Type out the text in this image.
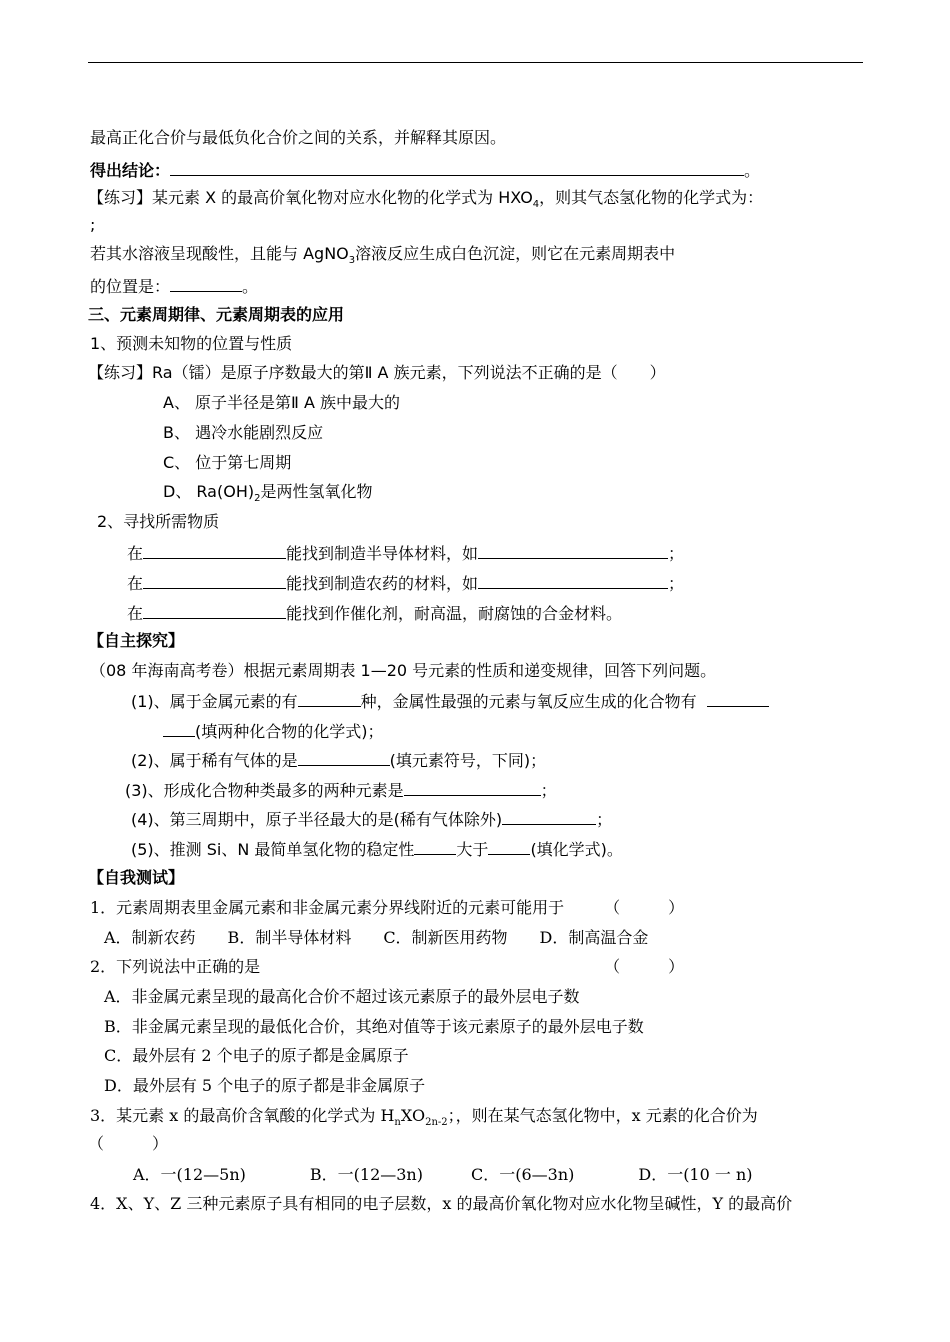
最高正化合价与最低负化合价之间的关系，并解释其原因。
得出结论：	。
【练习】某元素 X 的最高价氧化物对应水化物的化学式为 $HXO_4$，则其气态氢化物的化学式为：
;
若其水溶液呈现酸性，且能与 AgNO$_3$溶液反应生成白色沉淀，则它在元素周期表中
的位置是：	。
三、元素周期律、元素周期表的应用
1、预测未知物的位置与性质
【练习】Ra（镭）是原子序数最大的第Ⅱ A 族元素，下列说法不正确的是（　　）
A、 原子半径是第Ⅱ A 族中最大的
B、 遇冷水能剧烈反应
C、 位于第七周期
D、 $Ra(OH)_2$是两性氢氧化物
2、寻找所需物质
在	能找到制造半导体材料，如	；
在	能找到制造农药的材料，如	；
在	能找到作催化剂，耐高温，耐腐蚀的合金材料。
【自主探究】
（08 年海南高考卷）根据元素周期表 1—20 号元素的性质和递变规律，回答下列问题。
(1)、属于金属元素的有	种，金属性最强的元素与氧反应生成的化合物有
(填两种化合物的化学式)；
(2)、属于稀有气体的是	(填元素符号，下同)；
(3)、形成化合物种类最多的两种元素是	；
(4)、第三周期中，原子半径最大的是(稀有气体除外)	；
(5)、推测 Si、N 最简单氢化物的稳定性	大于	(填化学式)。
【自我测试】
1．元素周期表里金属元素和非金属元素分界线附近的元素可能用于　　　（　　　）
A．制新农药　　B．制半导体材料　　C．制新医用药物　　D．制高温合金
2．下列说法中正确的是　　　　　　　　　　　　　　　　　　　　　　（　　　）
A．非金属元素呈现的最高化合价不超过该元素原子的最外层电子数
B．非金属元素呈现的最低化合价，其绝对值等于该元素原子的最外层电子数
C．最外层有 2 个电子的原子都是金属原子
D．最外层有 5 个电子的原子都是非金属原子
3．某元素 x 的最高价含氧酸的化学式为 $H_nXO_{2n-2}$；，则在某气态氢化物中，x 元素的化合价为
（　　　）
A．一(12—5n)　　　　B．一(12—3n)　　　C．一(6—3n)　　　　D．一(10 一 n)
4．X、Y、Z 三种元素原子具有相同的电子层数，x 的最高价氧化物对应水化物呈碱性，Y 的最高价
